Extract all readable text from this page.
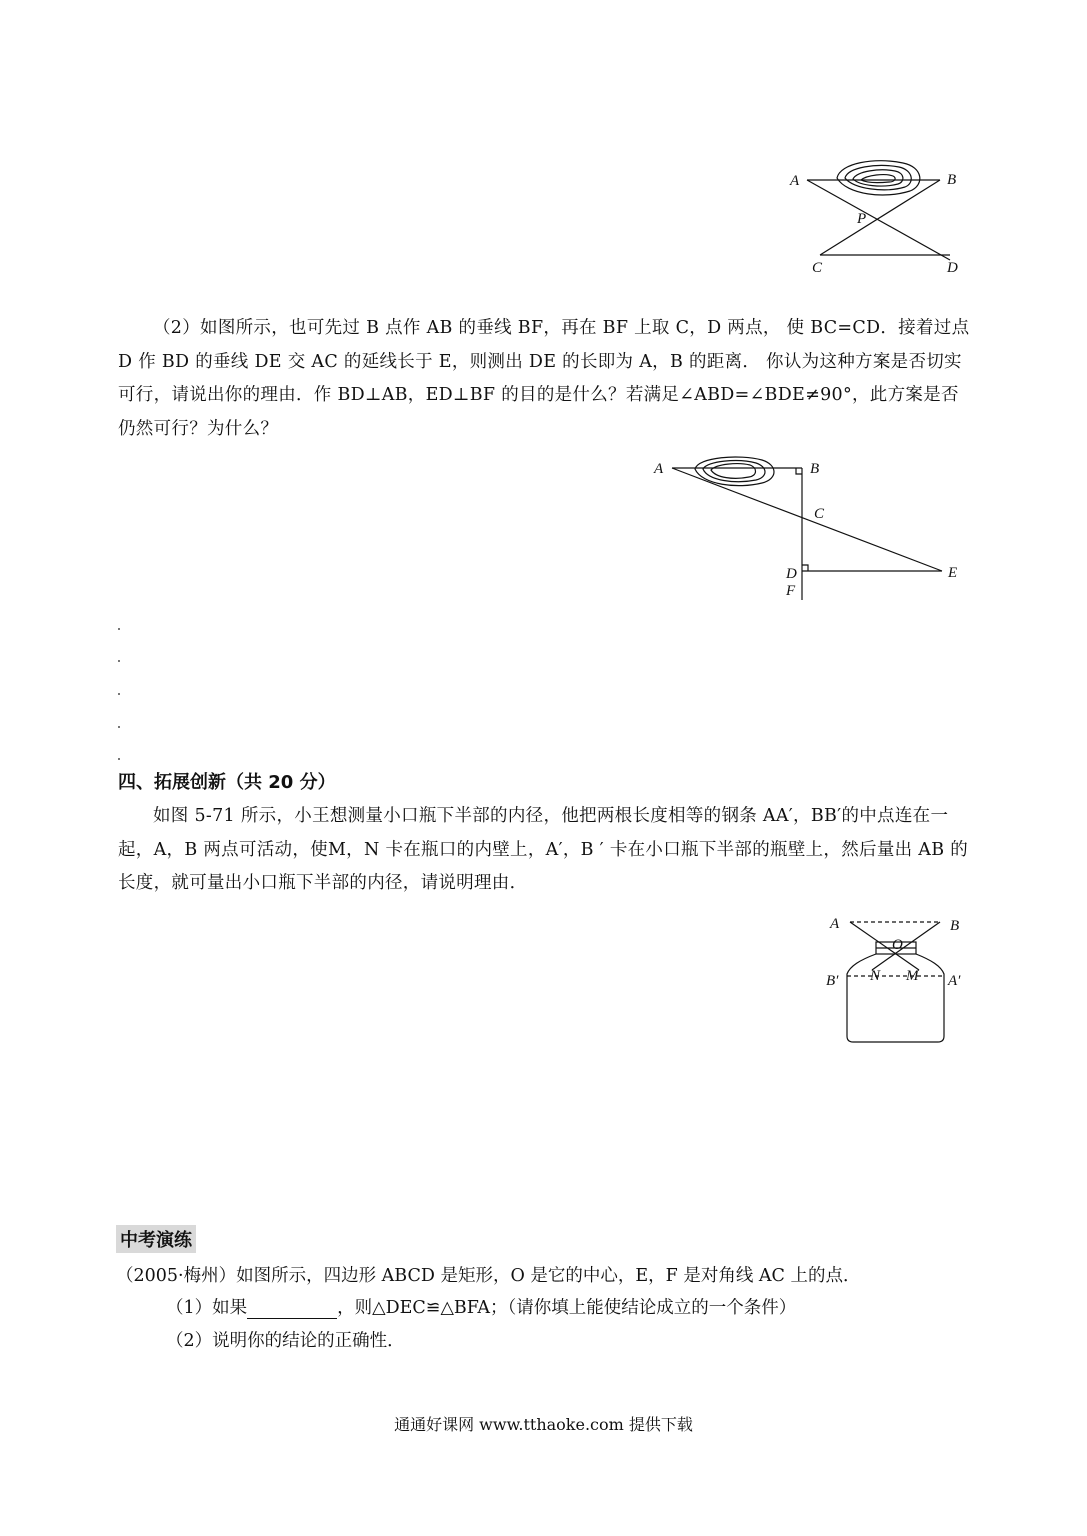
A	B
P
C	D
（2）如图所示，也可先过 B 点作 AB 的垂线 BF，再在 BF 上取 C，D 两点， 使 BC=CD．接着过点 D 作 BD 的垂线 DE 交 AC 的延线长于 E，则测出 DE 的长即为 A，B 的距离． 你认为这种方案是否切实可行，请说出你的理由．作 BD⊥AB，ED⊥BF 的目的是什么？若满足∠ABD=∠BDE≠90°，此方案是否仍然可行？为什么？
A	B
C
D	E
F
四、拓展创新（共 20 分）
如图 5-71 所示，小王想测量小口瓶下半部的内径，他把两根长度相等的钢条 AA′，BB′的中点连在一起，A，B 两点可活动，使M，N 卡在瓶口的内壁上，A′，B ′ 卡在小口瓶下半部的瓶壁上，然后量出 AB 的长度，就可量出小口瓶下半部的内径，请说明理由．
A	B
O
N M
B′	A′
中考演练
（2005·梅州）如图所示，四边形 ABCD 是矩形，O 是它的中心，E，F 是对角线 AC 上的点．
（1）如果	，则△DEC≌△BFA；（请你填上能使结论成立的一个条件）
（2）说明你的结论的正确性．
通通好课网 www.tthaoke.com 提供下载
